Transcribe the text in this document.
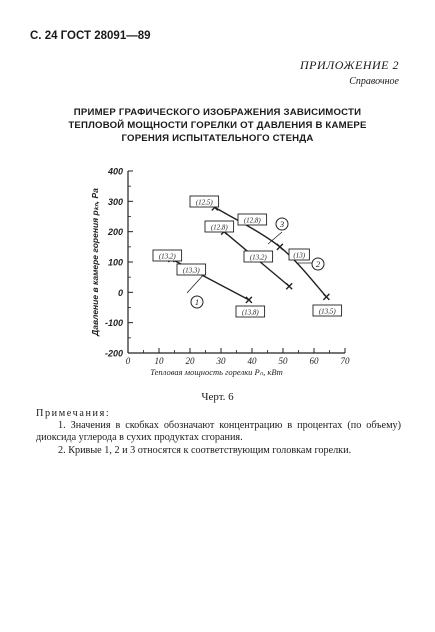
С. 24 ГОСТ 28091—89
ПРИЛОЖЕНИЕ 2
Справочное
ПРИМЕР ГРАФИЧЕСКОГО ИЗОБРАЖЕНИЯ ЗАВИСИМОСТИ
ТЕПЛОВОЙ МОЩНОСТИ ГОРЕЛКИ ОТ ДАВЛЕНИЯ В КАМЕРЕ
ГОРЕНИЯ ИСПЫТАТЕЛЬНОГО СТЕНДА
-200
-100
0
100
200
300
400
0	10 20 30 40 50 60 70
(13,2)
(13,8)
(12,5)
(13,2)
(13,5)
(12,8)
(13,3)
(12,8)
(13)
1
2
3
Тепловая мощность горелки Pₙ, кВт
Давление в камере горения pₖₙ, Pa
Черт. 6
Примечания:
1. Значения в скобках обозначают концентрацию в процентах (по объему) диоксида углерода в сухих продуктах сгорания.
2. Кривые 1, 2 и 3 относятся к соответствующим головкам горелки.
